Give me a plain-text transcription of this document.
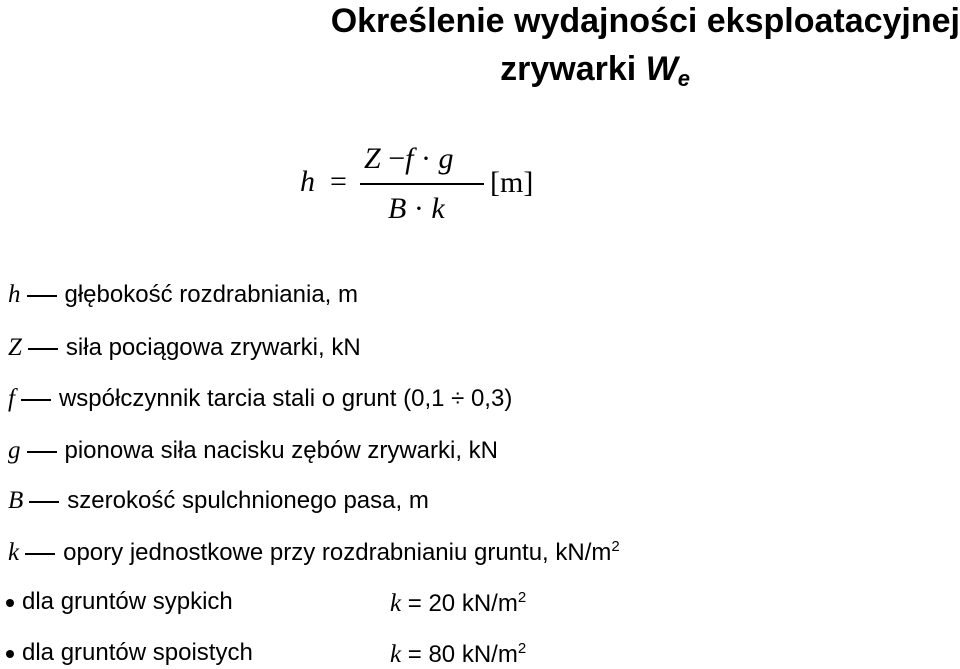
Określenie wydajności eksploatacyjnej
zrywarki $W_e$
h =
Z −f · g
B · k
[m]
h głębokość rozdrabniania, m
Z siła pociągowa zrywarki, kN
f współczynnik tarcia stali o grunt (0,1 ÷ 0,3)
g pionowa siła nacisku zębów zrywarki, kN
B szerokość spulchnionego pasa, m
k opory jednostkowe przy rozdrabnianiu gruntu, $kN/m^2$
dla gruntów sypkich	k = 20 $kN/m^2$
dla gruntów spoistych	k = 80 $kN/m^2$
